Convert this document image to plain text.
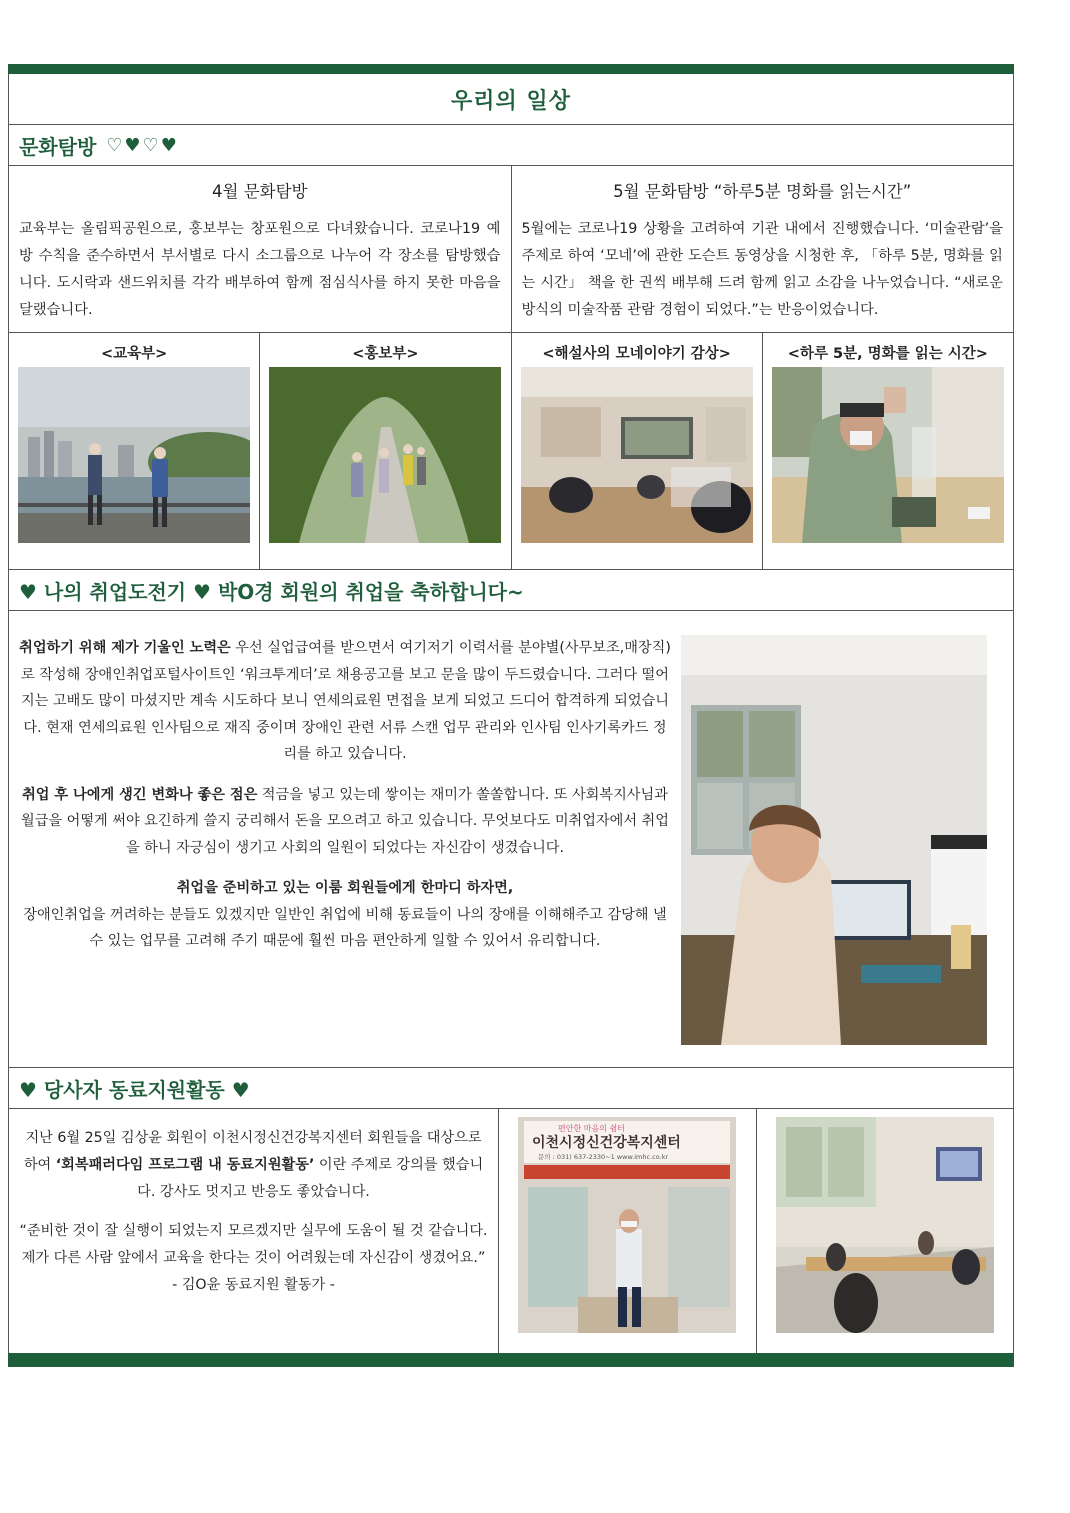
우리의 일상
문화탐방 ♡♥♡♥
4월 문화탐방
교육부는 올림픽공원으로, 홍보부는 창포원으로 다녀왔습니다. 코로나19 예방 수칙을 준수하면서 부서별로 다시 소그룹으로 나누어 각 장소를 탐방했습니다. 도시락과 샌드위치를 각각 배부하여 함께 점심식사를 하지 못한 마음을 달랬습니다.
5월 문화탐방 “하루5분 명화를 읽는시간”
5월에는 코로나19 상황을 고려하여 기관 내에서 진행했습니다. ‘미술관람’을 주제로 하여 ‘모네’에 관한 도슨트 동영상을 시청한 후, 「하루 5분, 명화를 읽는 시간」 책을 한 권씩 배부해 드려 함께 읽고 소감을 나누었습니다. “새로운 방식의 미술작품 관람 경험이 되었다.”는 반응이었습니다.
<교육부>	<홍보부>	<해설사의 모네이야기 감상>	<하루 5분, 명화를 읽는 시간>
♥ 나의 취업도전기 ♥ 박O경 회원의 취업을 축하합니다~

취업하기 위해 제가 기울인 노력은 우선 실업급여를 받으면서 여기저기 이력서를 분야별(사무보조,매장직)로 작성해 장애인취업포털사이트인 ‘워크투게더’로 채용공고를 보고 문을 많이 두드렸습니다. 그러다 떨어지는 고배도 많이 마셨지만 계속 시도하다 보니 연세의료원 면접을 보게 되었고 드디어 합격하게 되었습니다. 현재 연세의료원 인사팀으로 재직 중이며 장애인 관련 서류 스캔 업무 관리와 인사팀 인사기록카드 정리를 하고 있습니다.

취업 후 나에게 생긴 변화나 좋은 점은 적금을 넣고 있는데 쌓이는 재미가 쏠쏠합니다. 또 사회복지사님과 월급을 어떻게 써야 요긴하게 쓸지 궁리해서 돈을 모으려고 하고 있습니다. 무엇보다도 미취업자에서 취업을 하니 자긍심이 생기고 사회의 일원이 되었다는 자신감이 생겼습니다.

취업을 준비하고 있는 이룸 회원들에게 한마디 하자면,
장애인취업을 꺼려하는 분들도 있겠지만 일반인 취업에 비해 동료들이 나의 장애를 이해해주고 감당해 낼 수 있는 업무를 고려해 주기 때문에 훨씬 마음 편안하게 일할 수 있어서 유리합니다.

♥ 당사자 동료지원활동 ♥

지난 6월 25일 김상윤 회원이 이천시정신건강복지센터 회원들을 대상으로 하여 ‘회복패러다임 프로그램 내 동료지원활동’ 이란 주제로 강의를 했습니다. 강사도 멋지고 반응도 좋았습니다.

“준비한 것이 잘 실행이 되었는지 모르겠지만 실무에 도움이 될 것 같습니다. 제가 다른 사람 앞에서 교육을 한다는 것이 어려웠는데 자신감이 생겼어요.”
- 김O윤 동료지원 활동가 -

편안한 마음의 쉼터
이천시정신건강복지센터
문의 : 031) 637-2330~1 www.imhc.co.kr
